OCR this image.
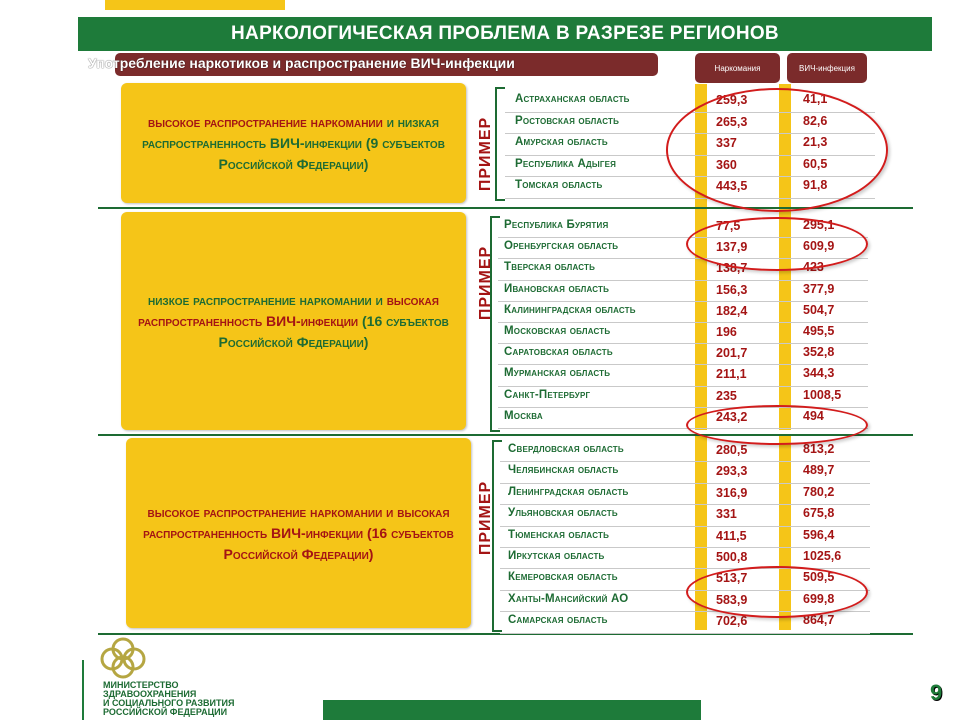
НАРКОЛОГИЧЕСКАЯ ПРОБЛЕМА В РАЗРЕЗЕ РЕГИОНОВ
Употребление наркотиков и распространение ВИЧ-инфекции	Наркомания	ВИЧ-инфекция
высокое распространение наркомании и низкая распространенность ВИЧ-инфекции (9 субъектов Российской Федерации)
низкое распространение наркомании и высокая распространенность ВИЧ-инфекции (16 субъектов Российской Федерации)
высокое распространение наркомании и высокая распространенность ВИЧ-инфекции (16 субъектов Российской Федерации)
ПРИМЕР
ПРИМЕР
ПРИМЕР
Астраханская область	259,3	41,1
Ростовская область	265,3	82,6
Амурская область	337	21,3
Республика Адыгея	360	60,5
Томская область	443,5	91,8
Республика Бурятия	77,5	295,1
Оренбургская область	137,9	609,9
Тверская область	138,7	423
Ивановская область	156,3	377,9
Калининградская область	182,4	504,7
Московская область	196	495,5
Саратовская область	201,7	352,8
Мурманская область	211,1	344,3
Санкт-Петербург	235	1008,5
Москва	243,2	494
Свердловская область	280,5	813,2
Челябинская область	293,3	489,7
Ленинградская область	316,9	780,2
Ульяновская область	331	675,8
Тюменская область	411,5	596,4
Иркутская область	500,8	1025,6
Кемеровская область	513,7	509,5
Ханты-Мансийский АО	583,9	699,8
Самарская область	702,6	864,7
МИНИСТЕРСТВО
ЗДРАВООХРАНЕНИЯ
И СОЦИАЛЬНОГО РАЗВИТИЯ
РОССИЙСКОЙ ФЕДЕРАЦИИ
9
